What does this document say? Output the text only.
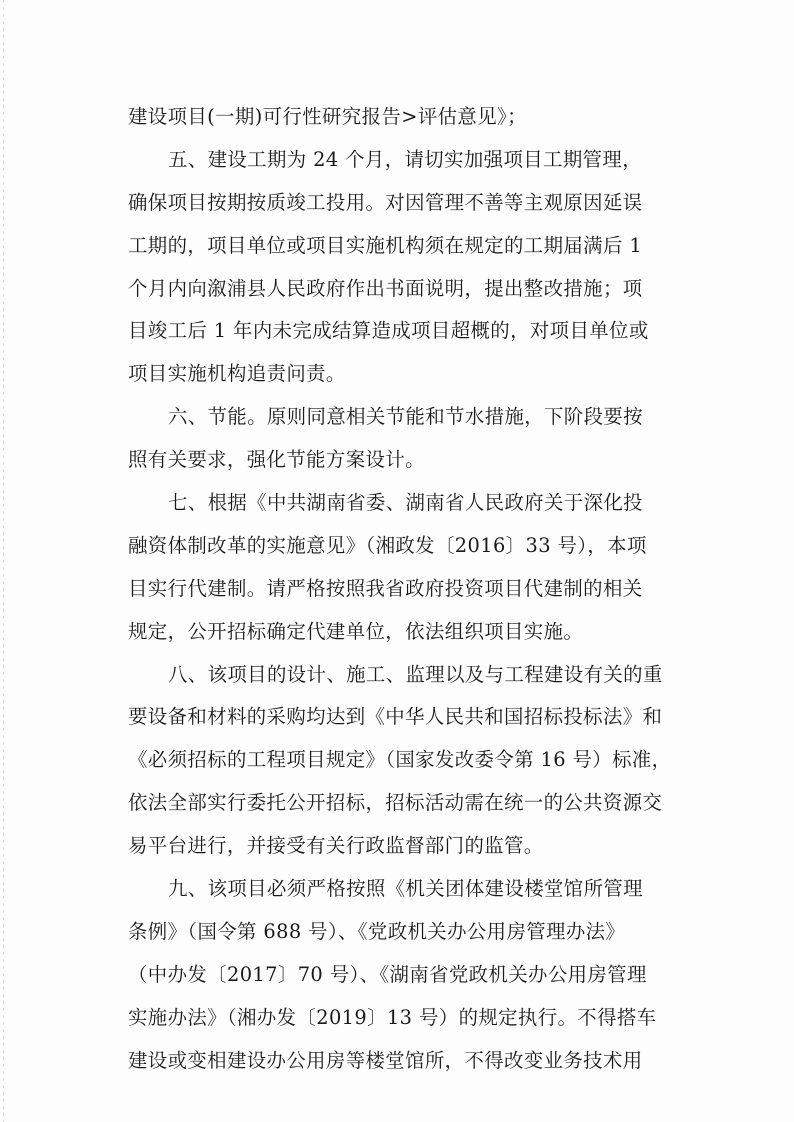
建设项目(一期)可行性研究报告>评估意见》；
五、建设工期为 24 个月，请切实加强项目工期管理，
确保项目按期按质竣工投用。对因管理不善等主观原因延误
工期的，项目单位或项目实施机构须在规定的工期届满后 1
个月内向溆浦县人民政府作出书面说明，提出整改措施；项
目竣工后 1 年内未完成结算造成项目超概的，对项目单位或
项目实施机构追责问责。
六、节能。原则同意相关节能和节水措施，下阶段要按
照有关要求，强化节能方案设计。
七、根据《中共湖南省委、湖南省人民政府关于深化投
融资体制改革的实施意见》（湘政发〔2016〕33 号），本项
目实行代建制。请严格按照我省政府投资项目代建制的相关
规定，公开招标确定代建单位，依法组织项目实施。
八、该项目的设计、施工、监理以及与工程建设有关的重
要设备和材料的采购均达到《中华人民共和国招标投标法》和
《必须招标的工程项目规定》（国家发改委令第 16 号）标准，
依法全部实行委托公开招标，招标活动需在统一的公共资源交
易平台进行，并接受有关行政监督部门的监管。
九、该项目必须严格按照《机关团体建设楼堂馆所管理
条例》（国令第 688 号）、《党政机关办公用房管理办法》
（中办发〔2017〕70 号）、《湖南省党政机关办公用房管理
实施办法》（湘办发〔2019〕13 号）的规定执行。不得搭车
建设或变相建设办公用房等楼堂馆所，不得改变业务技术用
